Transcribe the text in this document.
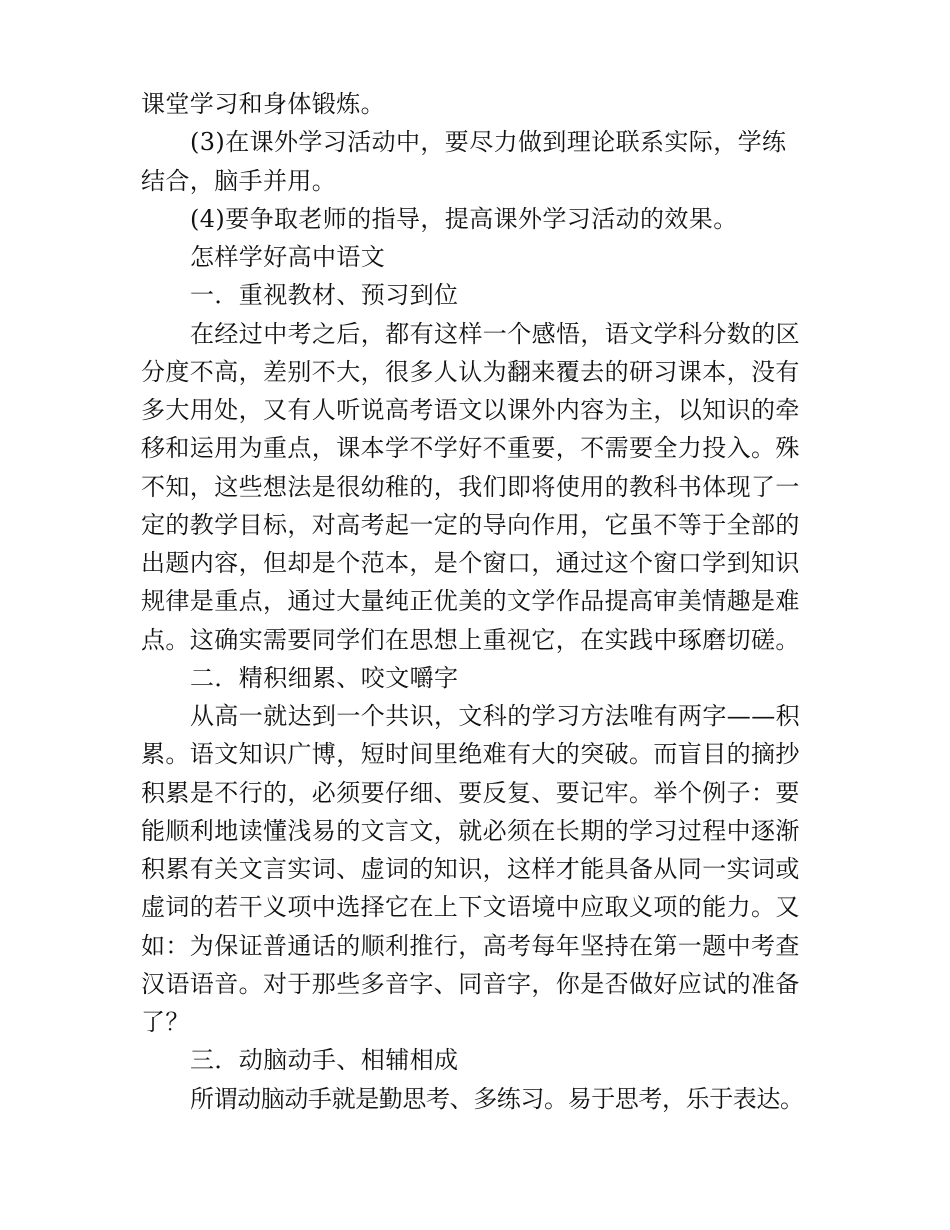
课堂学习和身体锻炼。
(3)在课外学习活动中，要尽力做到理论联系实际，学练
结合，脑手并用。
(4)要争取老师的指导，提高课外学习活动的效果。
怎样学好高中语文
一．重视教材、预习到位
在经过中考之后，都有这样一个感悟，语文学科分数的区
分度不高，差别不大，很多人认为翻来覆去的研习课本，没有
多大用处，又有人听说高考语文以课外内容为主，以知识的牵
移和运用为重点，课本学不学好不重要，不需要全力投入。殊
不知，这些想法是很幼稚的，我们即将使用的教科书体现了一
定的教学目标，对高考起一定的导向作用，它虽不等于全部的
出题内容，但却是个范本，是个窗口，通过这个窗口学到知识
规律是重点，通过大量纯正优美的文学作品提高审美情趣是难
点。这确实需要同学们在思想上重视它，在实践中琢磨切磋。
二．精积细累、咬文嚼字
从高一就达到一个共识，文科的学习方法唯有两字——积
累。语文知识广博，短时间里绝难有大的突破。而盲目的摘抄
积累是不行的，必须要仔细、要反复、要记牢。举个例子：要
能顺利地读懂浅易的文言文，就必须在长期的学习过程中逐渐
积累有关文言实词、虚词的知识，这样才能具备从同一实词或
虚词的若干义项中选择它在上下文语境中应取义项的能力。又
如：为保证普通话的顺利推行，高考每年坚持在第一题中考查
汉语语音。对于那些多音字、同音字，你是否做好应试的准备
了？
三．动脑动手、相辅相成
所谓动脑动手就是勤思考、多练习。易于思考，乐于表达。
